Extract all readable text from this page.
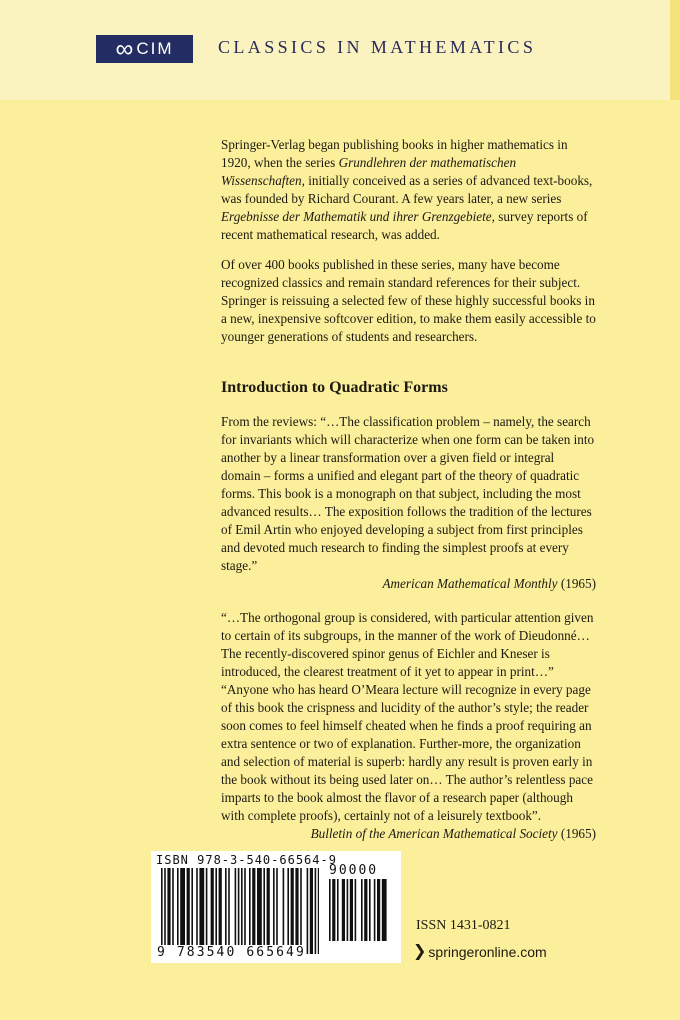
∞ CIM CLASSICS IN MATHEMATICS

Springer-Verlag began publishing books in higher mathematics in 1920, when the series Grundlehren der mathematischen Wissenschaften, initially conceived as a series of advanced text-books, was founded by Richard Courant. A few years later, a new series Ergebnisse der Mathematik und ihrer Grenzgebiete, survey reports of recent mathematical research, was added.

Of over 400 books published in these series, many have become recognized classics and remain standard references for their subject. Springer is reissuing a selected few of these highly successful books in a new, inexpensive softcover edition, to make them easily accessible to younger generations of students and researchers.

Introduction to Quadratic Forms

From the reviews: “…The classification problem – namely, the search for invariants which will characterize when one form can be taken into another by a linear transformation over a given field or integral domain – forms a unified and elegant part of the theory of quadratic forms. This book is a monograph on that subject, including the most advanced results… The exposition follows the tradition of the lectures of Emil Artin who enjoyed developing a subject from first principles and devoted much research to finding the simplest proofs at every stage.”

American Mathematical Monthly (1965)

“…The orthogonal group is considered, with particular attention given to certain of its subgroups, in the manner of the work of Dieudonné… The recently-discovered spinor genus of Eichler and Kneser is introduced, the clearest treatment of it yet to appear in print…”

“Anyone who has heard O’Meara lecture will recognize in every page of this book the crispness and lucidity of the author’s style; the reader soon comes to feel himself cheated when he finds a proof requiring an extra sentence or two of explanation. Further-more, the organization and selection of material is superb: hardly any result is proven early in the book without its being used later on… The author’s relentless pace imparts to the book almost the flavor of a research paper (although with complete proofs), certainly not of a leisurely textbook”.

Bulletin of the American Mathematical Society (1965)

ISBN 978-3-540-66564-9
90000
9 783540 665649
ISSN 1431-0821
❯ springeronline.com
